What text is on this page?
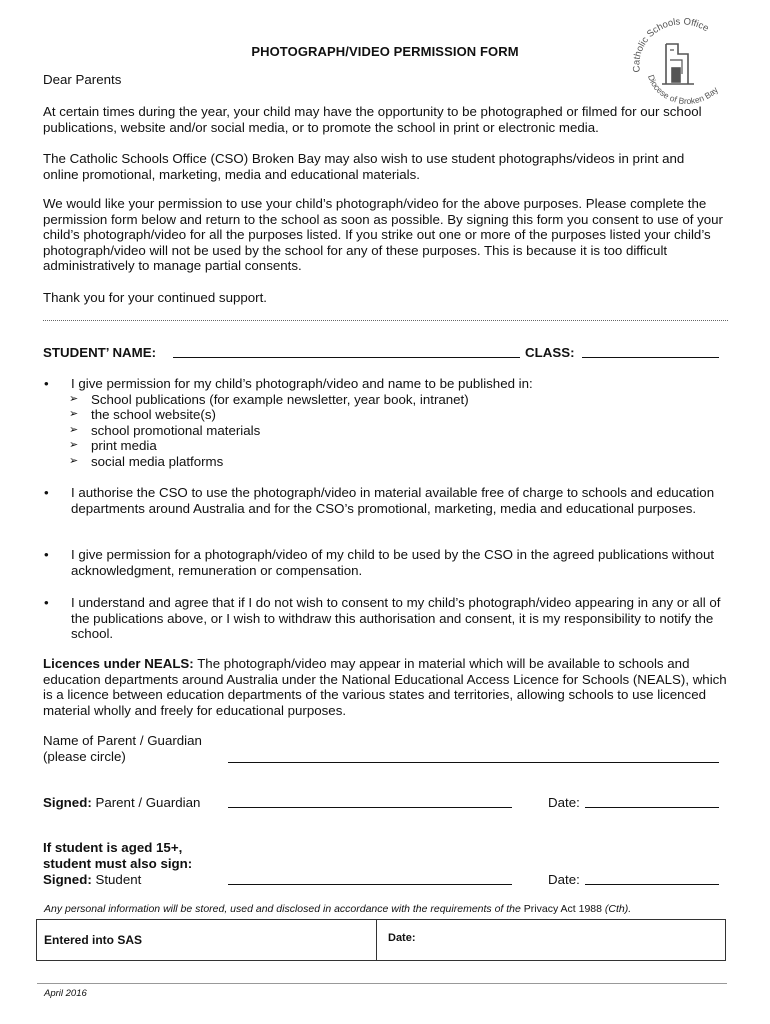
Catholic Schools Office
Diocese of Broken Bay
PHOTOGRAPH/VIDEO PERMISSION FORM
Dear Parents
At certain times during the year, your child may have the opportunity to be photographed or filmed for our school publications, website and/or social media, or to promote the school in print or electronic media.
The Catholic Schools Office (CSO) Broken Bay may also wish to use student photographs/videos in print and online promotional, marketing, media and educational materials.
We would like your permission to use your child’s photograph/video for the above purposes. Please complete the permission form below and return to the school as soon as possible. By signing this form you consent to use of your child’s photograph/video for all the purposes listed. If you strike out one or more of the purposes listed your child’s photograph/video will not be used by the school for any of these purposes. This is because it is too difficult administratively to manage partial consents.
Thank you for your continued support.
STUDENT’ NAME:	CLASS:
•	I give permission for my child’s photograph/video and name to be published in:
➢ School publications (for example newsletter, year book, intranet)
➢ the school website(s)
➢ school promotional materials
➢ print media
➢ social media platforms
•	I authorise the CSO to use the photograph/video in material available free of charge to schools and education departments around Australia and for the CSO’s promotional, marketing, media and educational purposes.
•	I give permission for a photograph/video of my child to be used by the CSO in the agreed publications without acknowledgment, remuneration or compensation.
•	I understand and agree that if I do not wish to consent to my child’s photograph/video appearing in any or all of the publications above, or I wish to withdraw this authorisation and consent, it is my responsibility to notify the school.
Licences under NEALS: The photograph/video may appear in material which will be available to schools and education departments around Australia under the National Educational Access Licence for Schools (NEALS), which is a licence between education departments of the various states and territories, allowing schools to use licenced material wholly and freely for educational purposes.
Name of Parent / Guardian
(please circle)
Signed: Parent / Guardian	Date:
If student is aged 15+,
student must also sign:
Signed: Student	Date:
Any personal information will be stored, used and disclosed in accordance with the requirements of the Privacy Act 1988 (Cth).
Entered into SAS	Date:
April 2016
